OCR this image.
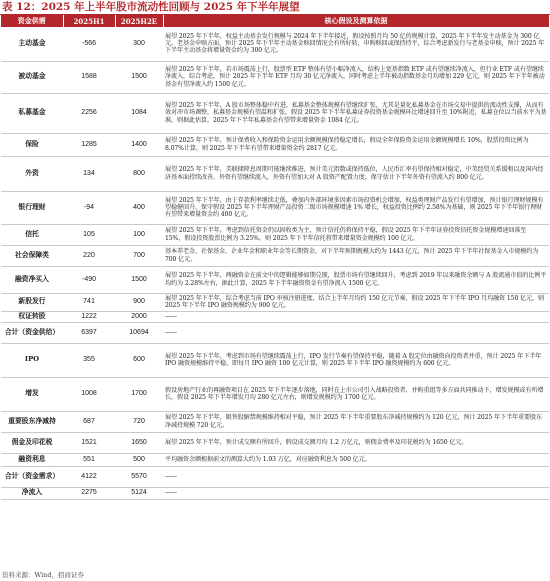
表 12：2025 年上半年股市流动性回顾与 2025 年下半年展望
资金供需	2025H1	2025H2E	核心假设及测算依据
主动基金	-566	300	展望 2025 年下半年，权益主动基金发行规模与 2024 年下半年接近，假设按照月均 50 亿的规模计算，2025 年下半年发主动基金为 300 亿元，老基金申赎方面，预计 2025 年下半年主动基金赎回情况会有所好转，申购赎回或保持持平，综合考虑新发行与老基金申赎，预计 2025 年下半年主动基金将增量资金约为 300 亿元。
被动基金	1588	1500	展望 2025 年下半年，若市场震荡上行，股票型 ETF 整体有望小幅净流入，结构上宽基指数 ETF 或有望继续净流入，但行业 ETF 或有望继续净流入，综合考虑，预计 2025 年下半年 ETF 月均 30 亿元净流入，同时考虑上半年被动指数基金月均增加 229 亿元，则 2025 年下半年被动基金有望净流入约 1500 亿元。
私募基金	2256	1084	展望 2025 年下半年，A 股市场整体稳中有进，私募基金整体规模有望继续扩张，尤其是量化私募基金在市场交易中提供的流动性支撑，从而有效对冲市场调整，私募基金规模有望温和扩张，假设 2025 年下半年私募证券投资基金规模环比增速回升至 10%附近，私募仓位以当前水平为基准，则据此估算，2025 年下半年私募基金有望带来增量资金 1084 亿元。
保险	1285	1400	展望 2025 年下半年，预计保费收入和保险资金运用余额规模保持稳定增长，假设全年保险资金运用余额规模增长 10%，股票投资比例为 8.07%计算，则 2025 年下半年有望带来增量资金约 2817 亿元。
外资	134	800	展望 2025 年下半年，美联储降息周期可能继续推进，预计美元指数或保持低位，人民币汇率有望保持相对稳定，中美经贸关系缓和以及国内经济基本面持续改善，外资有望继续流入，外资有望加大对 A 股资产配置力度，保守估计下半年外资有望流入约 800 亿元。
银行理财	-94	400	展望 2025 年下半年，由于存款利率继续走低，叠加内外部环境多因素市场投资机会增加，权益类理财产品发行有望增加，预计银行理财规模有望稳健回升，保守假设 2025 年下半年理财产品投资二级市场规模增速 1% 增长，权益投资比例约 2.58%为基础，则 2025 年下半年银行理财有望带来增量资金约 400 亿元。
信托	105	100	展望 2025 年下半年，考虑到信托资金仍以固收类为主，预计信托仍将保持平稳，假设 2025 年下半年证券投资信托资金规模增速回落至 15%，假设投资股票比例为 3.25%，则 2025 年下半年信托将带来增量资金规模约 100 亿元。
社会保障类	220	700	基本养老金、社保基金、企业年金和职业年金等长期资金，对下半年预期规模大约为 1443 亿元，预计 2025 年下半年社保基金入市规模约为 700 亿元。
融资净买入	-490	1500	展望 2025 年下半年，两融资金在前文中的逻辑能够如期兑现，股票市场有望继续回升，考虑到 2019 年以来融资余额与 A 股流通市值的比例平均约为 2.28%左右，据此计算，2025 年下半年融资资金有望净流入 1500 亿元。
新股发行	741	900	展望 2025 年下半年，综合考虑当前 IPO 审核注册进度，结合上半年月均约 150 亿元节奏，假设 2025 年下半年 IPO 月均融资 150 亿元，则 2025 年下半年 IPO 融资规模约为 900 亿元。
权证转股	1222	2000	——
合计（资金供给）	6397	10694	——
IPO	355	600	展望 2025 年下半年，考虑到市场有望继续震荡上行，IPO 发行节奏有望保持平稳，随着 A 股定位由融资向投资者并重，预计 2025 年下半年 IPO 融资规模维持平稳，即每月 IPO 融资 100 亿元计算，则 2025 年下半年 IPO 融资规模约为 600 亿元。
增发	1008	1700	假设房地产行业的再融资项目在 2025 年下半年逐步落地，同时在上市公司引入战略投资者、并购重组等多方面共同推动下，增发规模或有所增长，假设 2025 年下半年增发月均 280 亿元左右，则增发规模约为 1700 亿元。
重要股东净减持	687	720	展望 2025 年下半年，限售股解禁规模维持相对平稳，预计 2025 年下半年重要股东净减持规模约为 120 亿元，预计 2025 年下半年重要股东净减持规模 720 亿元。
佣金及印花税	1521	1650	展望 2025 年下半年，预计成交额有所回升，假设成交额月均 1.2 万亿元，则佣金费率及印花税约为 1650 亿元。
融资利息	551	500	平均融资余额根据前文的测算大约为 1.93 万亿，对应融资利息为 500 亿元。
合计（资金需求）	4122	5570	——
净流入	2275	5124	——
资料来源：Wind，招商证券
